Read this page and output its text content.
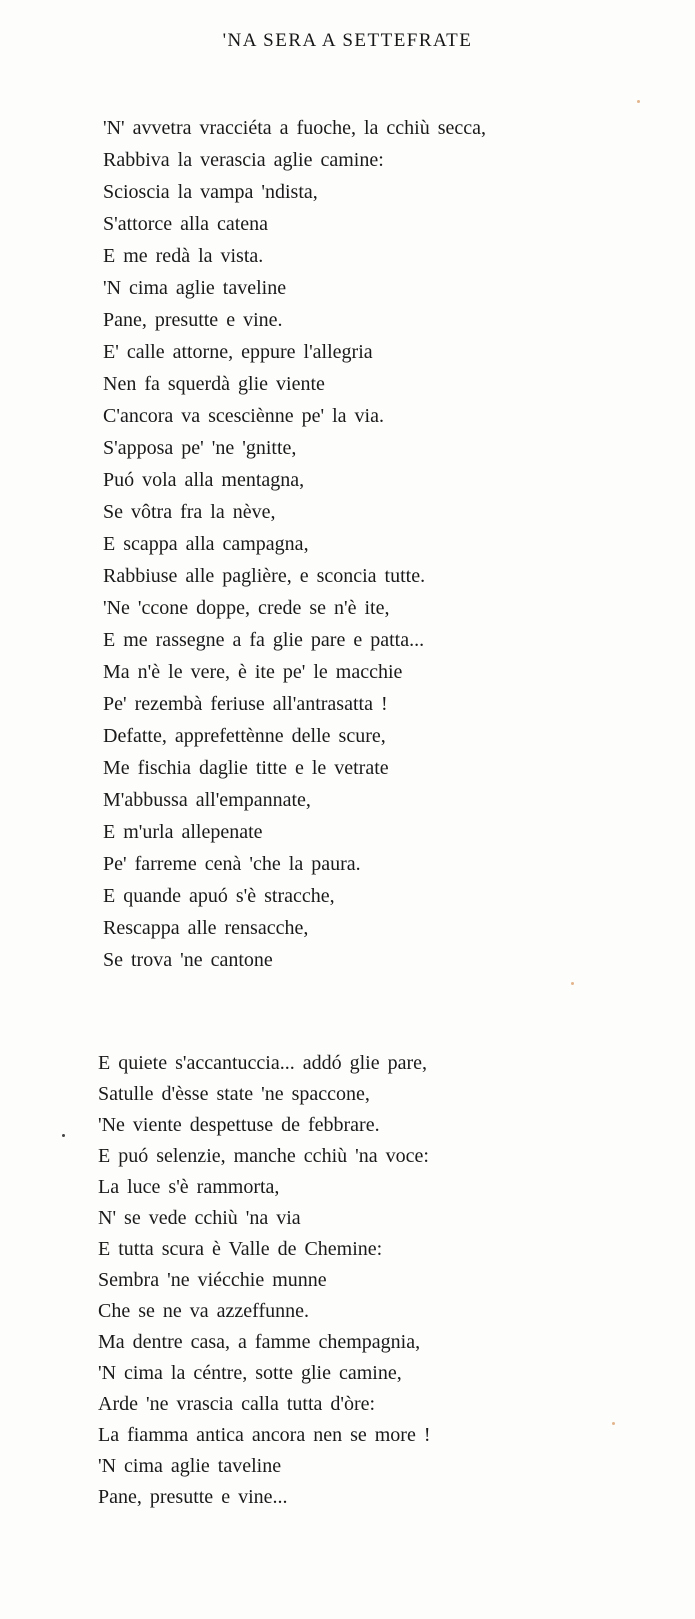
'NA SERA A SETTEFRATE
'N' avvetra vracciéta a fuoche, la cchiù secca,
Rabbiva la verascia aglie camine:
Scioscia la vampa 'ndista,
S'attorce alla catena
E me redà la vista.
'N cima aglie taveline
Pane, presutte e vine.
E' calle attorne, eppure l'allegria
Nen fa squerdà glie viente
C'ancora va scesciènne pe' la via.
S'apposa pe' 'ne 'gnitte,
Puó vola alla mentagna,
Se vôtra fra la nève,
E scappa alla campagna,
Rabbiuse alle paglière, e sconcia tutte.
'Ne 'ccone doppe, crede se n'è ite,
E me rassegne a fa glie pare e patta...
Ma n'è le vere, è ite pe' le macchie
Pe' rezembà feriuse all'antrasatta !
Defatte, apprefettènne delle scure,
Me fischia daglie titte e le vetrate
M'abbussa all'empannate,
E m'urla allepenate
Pe' farreme cenà 'che la paura.
E quande apuó s'è stracche,
Rescappa alle rensacche,
Se trova 'ne cantone
E quiete s'accantuccia... addó glie pare,
Satulle d'èsse state 'ne spaccone,
'Ne viente despettuse de febbrare.
E puó selenzie, manche cchiù 'na voce:
La luce s'è rammorta,
N' se vede cchiù 'na via
E tutta scura è Valle de Chemine:
Sembra 'ne viécchie munne
Che se ne va azzeffunne.
Ma dentre casa, a famme chempagnia,
'N cima la céntre, sotte glie camine,
Arde 'ne vrascia calla tutta d'òre:
La fiamma antica ancora nen se more !
'N cima aglie taveline
Pane, presutte e vine...
